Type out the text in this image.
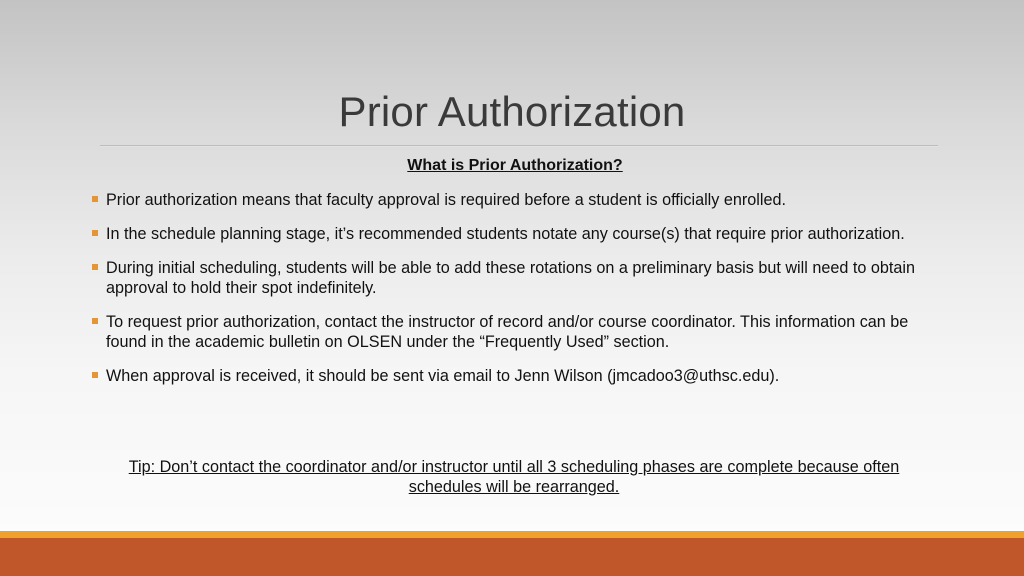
Prior Authorization
What is Prior Authorization?
Prior authorization means that faculty approval is required before a student is officially enrolled.
In the schedule planning stage, it’s recommended students notate any course(s) that require prior authorization.
During initial scheduling, students will be able to add these rotations on a preliminary basis but will need to obtain approval to hold their spot indefinitely.
To request prior authorization, contact the instructor of record and/or course coordinator. This information can be found in the academic bulletin on OLSEN under the “Frequently Used” section.
When approval is received, it should be sent via email to Jenn Wilson (jmcadoo3@uthsc.edu).
Tip: Don’t contact the coordinator and/or instructor until all 3 scheduling phases are complete because often schedules will be rearranged.
